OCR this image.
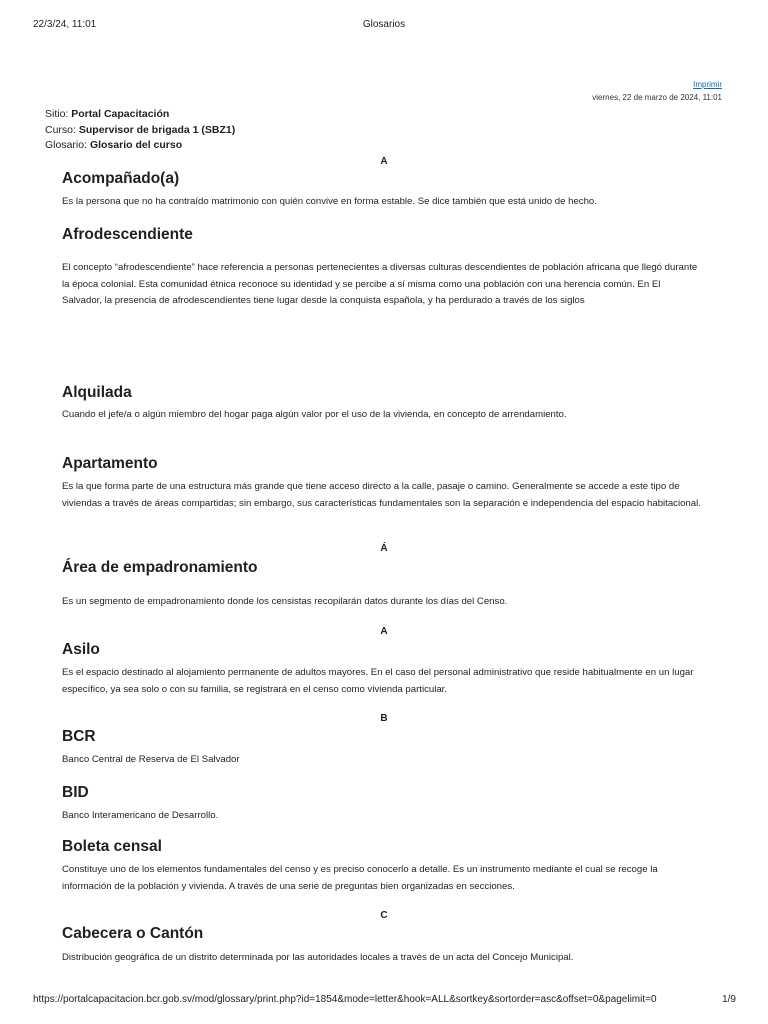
22/3/24, 11:01	Glosarios
Imprimir
viernes, 22 de marzo de 2024, 11:01
Sitio: Portal Capacitación
Curso: Supervisor de brigada 1 (SBZ1)
Glosario: Glosario del curso
A
Acompañado(a)

Es la persona que no ha contraído matrimonio con quién convive en forma estable. Se dice también que está unido de hecho.

Afrodescendiente

El concepto “afrodescendiente” hace referencia a personas pertenecientes a diversas culturas descendientes de población africana que llegó durante la época colonial. Esta comunidad étnica reconoce su identidad y se percibe a sí misma como una población con una herencia común. En El Salvador, la presencia de afrodescendientes tiene lugar desde la conquista española, y ha perdurado a través de los siglos

Alquilada

Cuando el jefe/a o algún miembro del hogar paga algún valor por el uso de la vivienda, en concepto de arrendamiento.

Apartamento

Es la que forma parte de una estructura más grande que tiene acceso directo a la calle, pasaje o camino. Generalmente se accede a este tipo de viviendas a través de áreas compartidas; sin embargo, sus características fundamentales son la separación e independencia del espacio habitacional.

Á
Área de empadronamiento

Es un segmento de empadronamiento donde los censistas recopilarán datos durante los días del Censo.

A
Asilo

Es el espacio destinado al alojamiento permanente de adultos mayores. En el caso del personal administrativo que reside habitualmente en un lugar específico, ya sea solo o con su familia, se registrará en el censo como vivienda particular.

B
BCR

Banco Central de Reserva de El Salvador

BID

Banco Interamericano de Desarrollo.

Boleta censal

Constituye uno de los elementos fundamentales del censo y es preciso conocerlo a detalle. Es un instrumento mediante el cual se recoge la información de la población y vivienda. A través de una serie de preguntas bien organizadas en secciones.

C
Cabecera o Cantón

Distribución geográfica de un distrito determinada por las autoridades locales a través de un acta del Concejo Municipal.

https://portalcapacitacion.bcr.gob.sv/mod/glossary/print.php?id=1854&mode=letter&hook=ALL&sortkey&sortorder=asc&offset=0&pagelimit=0	1/9
